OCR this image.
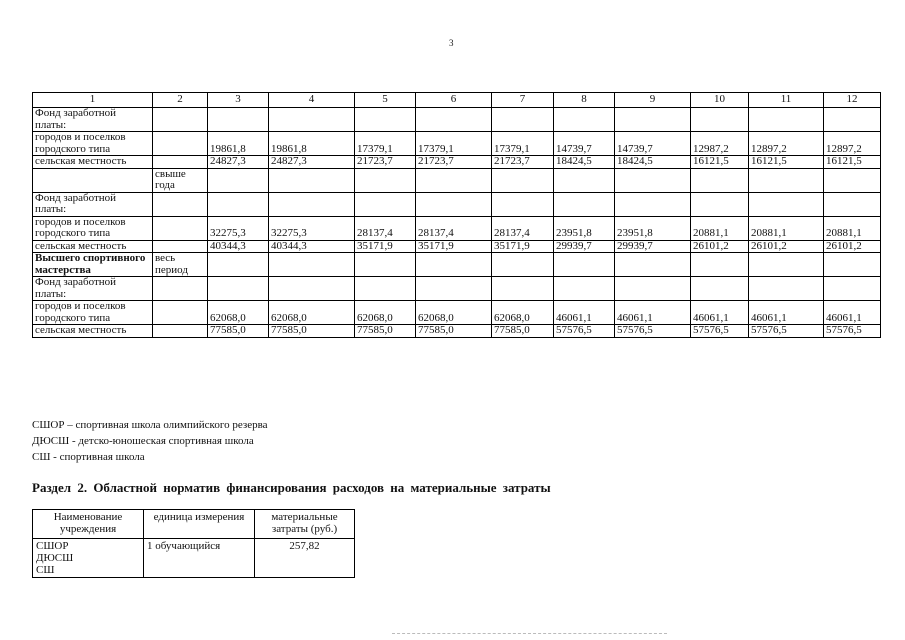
3
1	2	3	4	5	6	7	8	9	10	11	12
Фонд заработной платы:											
городов и поселков городского типа		19861,8	19861,8	17379,1	17379,1	17379,1	14739,7	14739,7	12987,2	12897,2	12897,2
сельская местность		24827,3	24827,3	21723,7	21723,7	21723,7	18424,5	18424,5	16121,5	16121,5	16121,5
	свыше года										
Фонд заработной платы:											
городов и поселков городского типа		32275,3	32275,3	28137,4	28137,4	28137,4	23951,8	23951,8	20881,1	20881,1	20881,1
сельская местность		40344,3	40344,3	35171,9	35171,9	35171,9	29939,7	29939,7	26101,2	26101,2	26101,2
Высшего спортивного мастерства	весь период										
Фонд заработной платы:											
городов и поселков городского типа		62068,0	62068,0	62068,0	62068,0	62068,0	46061,1	46061,1	46061,1	46061,1	46061,1
сельская местность		77585,0	77585,0	77585,0	77585,0	77585,0	57576,5	57576,5	57576,5	57576,5	57576,5
СШОР – спортивная школа олимпийского резерва
ДЮСШ - детско-юношеская спортивная школа
СШ - спортивная школа
Раздел 2. Областной норматив финансирования расходов на материальные затраты
Наименование учреждения	единица измерения	материальные затраты (руб.)

СШОР
ДЮСШ
СШ	1 обучающийся	257,82
